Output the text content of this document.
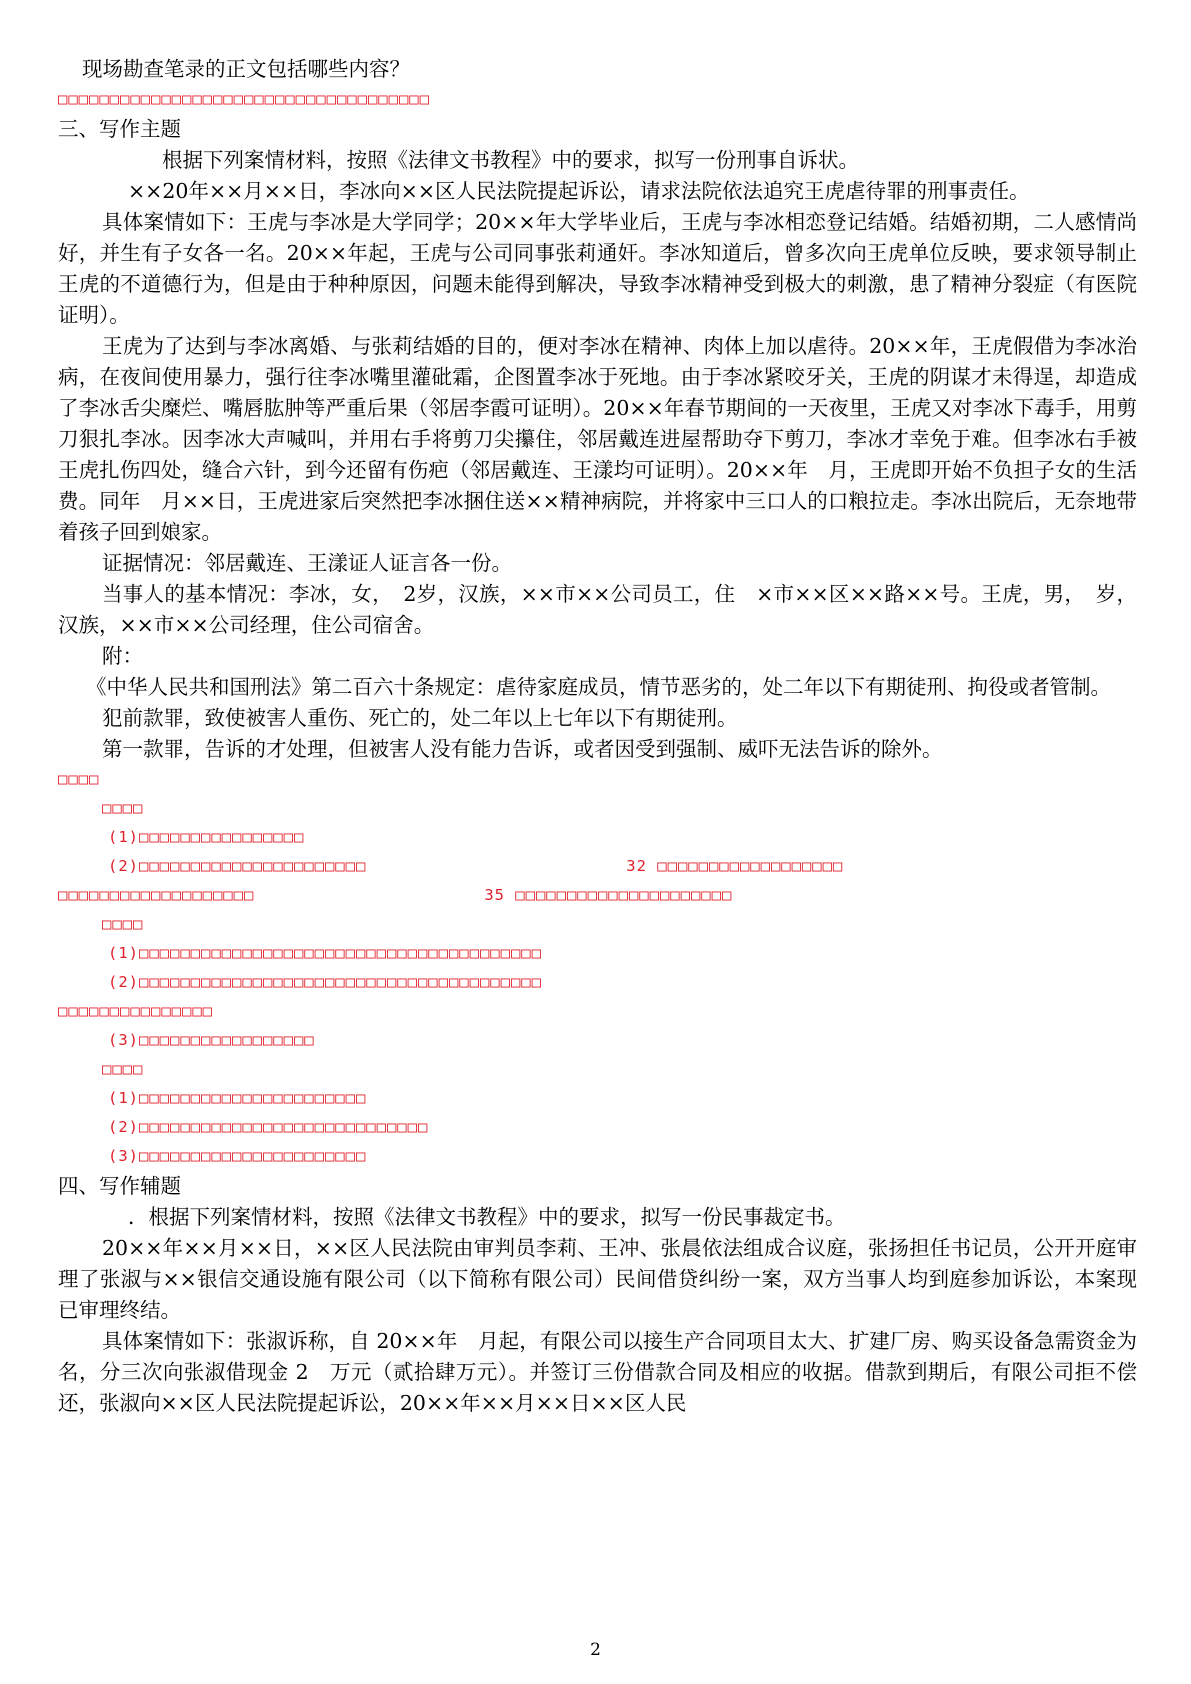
现场勘查笔录的正文包括哪些内容？

□□□□□□□□□□□□□□□□□□□□□□□□□□□□□□□□□□□□

三、写作主题

根据下列案情材料，按照《法律文书教程》中的要求，拟写一份刑事自诉状。

××20年××月××日，李冰向××区人民法院提起诉讼，请求法院依法追究王虎虐待罪的刑事责任。

具体案情如下：王虎与李冰是大学同学；20××年大学毕业后，王虎与李冰相恋登记结婚。结婚初期，二人感情尚好，并生有子女各一名。20××年起，王虎与公司同事张莉通奸。李冰知道后，曾多次向王虎单位反映，要求领导制止王虎的不道德行为，但是由于种种原因，问题未能得到解决，导致李冰精神受到极大的刺激，患了精神分裂症（有医院证明）。

王虎为了达到与李冰离婚、与张莉结婚的目的，便对李冰在精神、肉体上加以虐待。20××年，王虎假借为李冰治病，在夜间使用暴力，强行往李冰嘴里灌砒霜，企图置李冰于死地。由于李冰紧咬牙关，王虎的阴谋才未得逞，却造成了李冰舌尖糜烂、嘴唇肱肿等严重后果（邻居李霞可证明）。20××年春节期间的一天夜里，王虎又对李冰下毒手，用剪刀狠扎李冰。因李冰大声喊叫，并用右手将剪刀尖攥住，邻居戴连进屋帮助夺下剪刀，李冰才幸免于难。但李冰右手被王虎扎伤四处，缝合六针，到今还留有伤疤（邻居戴连、王漾均可证明）。20××年　月，王虎即开始不负担子女的生活费。同年　月××日，王虎进家后突然把李冰捆住送××精神病院，并将家中三口人的口粮拉走。李冰出院后，无奈地带着孩子回到娘家。

证据情况：邻居戴连、王漾证人证言各一份。

当事人的基本情况：李冰，女，　2岁，汉族，××市××公司员工，住　×市××区××路××号。王虎，男，　岁，汉族，××市××公司经理，住公司宿舍。

附：

《中华人民共和国刑法》第二百六十条规定：虐待家庭成员，情节恶劣的，处二年以下有期徒刑、拘役或者管制。

犯前款罪，致使被害人重伤、死亡的，处二年以上七年以下有期徒刑。

第一款罪，告诉的才处理，但被害人没有能力告诉，或者因受到强制、威吓无法告诉的除外。

□□□□

□□□□

(1)□□□□□□□□□□□□□□□□

(2)□□□□□□□□□□□□□□□□□□□□□□	32 □□□□□□□□□□□□□□□□□□

□□□□□□□□□□□□□□□□□□□	35 □□□□□□□□□□□□□□□□□□□□□

□□□□

(1)□□□□□□□□□□□□□□□□□□□□□□□□□□□□□□□□□□□□□□□

(2)□□□□□□□□□□□□□□□□□□□□□□□□□□□□□□□□□□□□□□□

□□□□□□□□□□□□□□□

(3)□□□□□□□□□□□□□□□□□

□□□□

(1)□□□□□□□□□□□□□□□□□□□□□□

(2)□□□□□□□□□□□□□□□□□□□□□□□□□□□□

(3)□□□□□□□□□□□□□□□□□□□□□□

四、写作辅题

．根据下列案情材料，按照《法律文书教程》中的要求，拟写一份民事裁定书。

20××年××月××日，××区人民法院由审判员李莉、王冲、张晨依法组成合议庭，张扬担任书记员，公开开庭审理了张淑与××银信交通设施有限公司（以下简称有限公司）民间借贷纠纷一案，双方当事人均到庭参加诉讼，本案现已审理终结。

具体案情如下：张淑诉称，自 20××年　月起，有限公司以接生产合同项目太大、扩建厂房、购买设备急需资金为名，分三次向张淑借现金 2　万元（贰拾肆万元）。并签订三份借款合同及相应的收据。借款到期后，有限公司拒不偿还，张淑向××区人民法院提起诉讼，20××年××月××日××区人民

2
